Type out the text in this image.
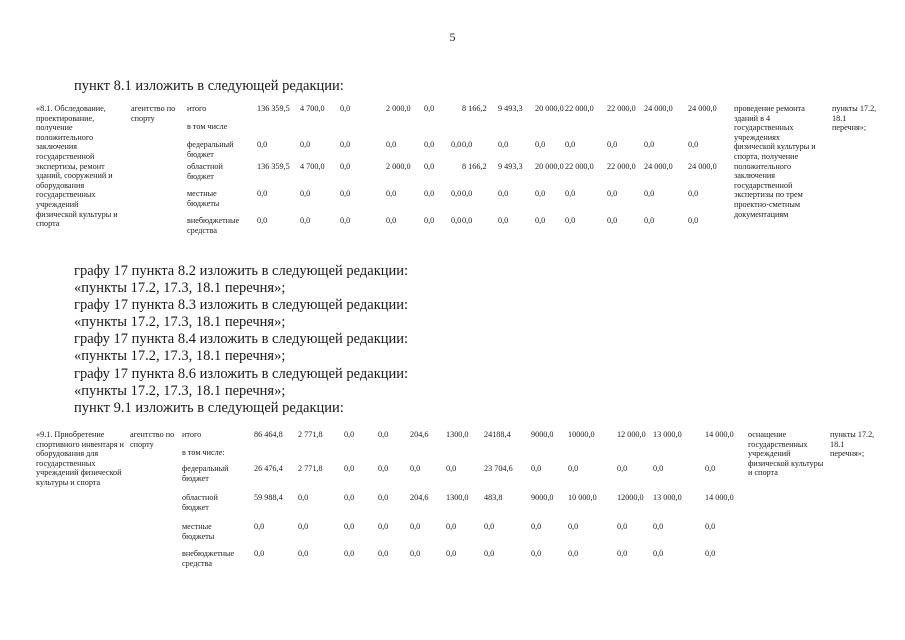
5
пункт 8.1 изложить в следующей редакции:
«8.1. Обследование, проектирование, получение положительного заключения государственной экспертизы, ремонт зданий, сооружений и оборудования государственных учреждений физической культуры и спорта
агентство по спорту
проведение ремонта зданий в 4 государственных учреждениях физической культуры и спорта, получение положительного заключения государственной экспертизы по трем проектно-сметным документациям
пункты 17.2, 18.1 перечня»;
итого	136 359,5 4 700,0 0,0	2 000,0 0,0	8 166,2 9 493,3 20 000,0 22 000,0 22 000,0 24 000,0 24 000,0
в том числе
федеральный бюджет
0,0	0,0	0,0	0,0	0,0 0,0 0,0	0,0	0,0 0,0	0,0	0,0	0,0
областной бюджет
136 359,5 4 700,0 0,0	2 000,0 0,0	8 166,2 9 493,3 20 000,0 22 000,0 22 000,0 24 000,0 24 000,0
местные бюджеты
0,0	0,0	0,0	0,0	0,0 0,0 0,0	0,0	0,0 0,0	0,0	0,0	0,0
внебюджетные средства
0,0	0,0	0,0	0,0	0,0 0,0 0,0	0,0	0,0 0,0	0,0	0,0	0,0
графу 17 пункта 8.2 изложить в следующей редакции:
«пункты 17.2, 17.3, 18.1 перечня»;
графу 17 пункта 8.3 изложить в следующей редакции:
«пункты 17.2, 17.3, 18.1 перечня»;
графу 17 пункта 8.4 изложить в следующей редакции:
«пункты 17.2, 17.3, 18.1 перечня»;
графу 17 пункта 8.6 изложить в следующей редакции:
«пункты 17.2, 17.3, 18.1 перечня»;
пункт 9.1 изложить в следующей редакции:
«9.1. Приобретение спортивного инвентаря и оборудования для государственных учреждений физической культуры и спорта
агентство по спорту
оснащение государственных учреждений физической культуры и спорта
пункты 17.2, 18.1 перечня»;
итого	86 464,8 2 771,8	0,0	0,0	204,6 1300,0 24188,4 9000,0 10000,0	12 000,0 13 000,0	14 000,0
в том числе:
федеральный бюджет
26 476,4 2 771,8	0,0	0,0	0,0	0,0	23 704,6 0,0	0,0	0,0	0,0	0,0
областной бюджет
59 988,4 0,0	0,0	0,0	204,6 1300,0 483,8	9000,0 10 000,0 12000,0 13 000,0	14 000,0
местные бюджеты
0,0	0,0	0,0	0,0	0,0	0,0	0,0	0,0	0,0	0,0	0,0	0,0
внебюджетные средства
0,0	0,0	0,0	0,0	0,0	0,0	0,0	0,0	0,0	0,0	0,0	0,0
